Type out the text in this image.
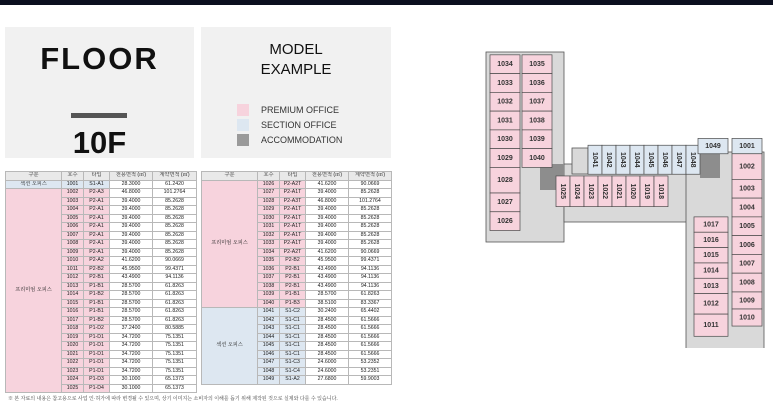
FLOOR
10F
MODEL
EXAMPLE
PREMIUM OFFICE
SECTION OFFICE
ACCOMMODATION
구분	호수	타입	전용면적 (㎡)	계약면적 (㎡)
섹션 오피스	1001	S1-A1	28.3000	61.2420
프리미엄 오피스	1002	P2-A3	46.8000	101.2764
	1003	P2-A1	39.4000	85.2628
	1004	P2-A1	39.4000	85.2628
	1005	P2-A1	39.4000	85.2628
	1006	P2-A1	39.4000	85.2628
	1007	P2-A1	39.4000	85.2628
	1008	P2-A1	39.4000	85.2628
	1009	P2-A1	39.4000	85.2628
	1010	P2-A2	41.6200	90.0669
	1011	P2-B2	45.9500	99.4371
	1012	P2-B1	43.4900	94.1136
	1013	P1-B1	28.5700	61.8263
	1014	P1-B2	28.5700	61.8263
	1015	P1-B1	28.5700	61.8263
	1016	P1-B1	28.5700	61.8263
	1017	P1-B2	28.5700	61.8263
	1018	P1-D2	37.2400	80.5885
	1019	P1-D1	34.7200	75.1351
	1020	P1-D1	34.7200	75.1351
	1021	P1-D1	34.7200	75.1351
	1022	P1-D1	34.7200	75.1351
	1023	P1-D1	34.7200	75.1351
	1024	P1-D3	30.1000	65.1373
	1025	P1-D4	30.1000	65.1373
구분	호수	타입	전용면적 (㎡)	계약면적 (㎡)
프리미엄 오피스	1026	P2-A2T	41.6200	90.0669
	1027	P2-A1T	39.4000	85.2628
	1028	P2-A3T	46.8000	101.2764
	1029	P2-A1T	39.4000	85.2628
	1030	P2-A1T	39.4000	85.2628
	1031	P2-A1T	39.4000	85.2628
	1032	P2-A1T	39.4000	85.2628
	1033	P2-A1T	39.4000	85.2628
	1034	P2-A2T	41.6200	90.0669
	1035	P2-B2	45.9500	99.4371
	1036	P2-B1	43.4900	94.1136
	1037	P2-B1	43.4900	94.1136
	1038	P2-B1	43.4900	94.1136
	1039	P1-B1	28.5700	61.8263
	1040	P1-B3	38.5100	83.3367
섹션 오피스	1041	S1-C2	30.2400	65.4402
	1042	S1-C1	28.4500	61.5666
	1043	S1-C1	28.4500	61.5666
	1044	S1-C1	28.4500	61.5666
	1045	S1-C1	28.4500	61.5666
	1046	S1-C1	28.4500	61.5666
	1047	S1-C3	24.6000	53.2352
	1048	S1-C4	24.6000	53.2351
	1049	S1-A2	27.6800	59.9003
※ 본 자료의 내용은 참고용으로 사업 인·허가에 따라 변경될 수 있으며, 상기 이미지는 소비자의 이해를 돕기 위해 제작된 것으로 실제와 다를 수 있습니다.
1034 1035
1033 1036
1032 1037
1031 1038
1030 1039
1029 1040
1028
1027
1026
1025 1024 1023 1022 1021 1020 1019 1018
1041 1042 1043 1044 1045 1046 1047 1048
1049	1001
1002
1003
1004
1005
1006
1007
1008
1009
1010
1017
1016
1015
1014
1013
1012
1011
